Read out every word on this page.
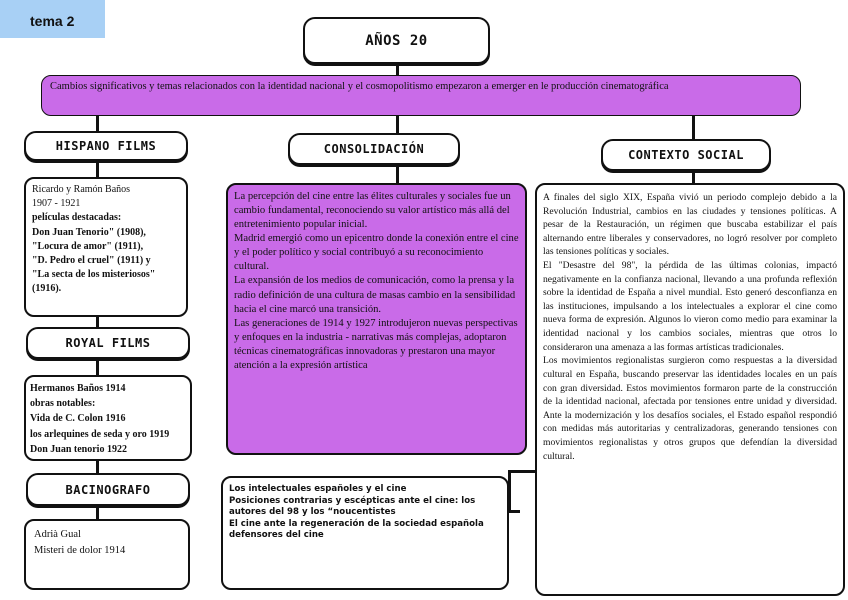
tema 2
AÑOS 20
Cambios significativos y temas relacionados con la identidad nacional y el cosmopolitismo empezaron a emerger en le producción cinematográfica
HISPANO FILMS
Ricardo y Ramón Baños
1907 - 1921
películas destacadas:
Don Juan Tenorio" (1908),
"Locura de amor" (1911),
"D. Pedro el cruel" (1911) y
"La secta de los misteriosos"
(1916).
ROYAL FILMS
Hermanos Baños 1914
obras notables:
Vida de C. Colon 1916
los arlequines de seda y oro 1919
Don Juan tenorio 1922
BACINOGRAFO
Adrià Gual
Misteri de dolor 1914
CONSOLIDACIÓN
La percepción del cine entre las élites culturales y sociales fue un cambio fundamental, reconociendo su valor artístico más allá del entretenimiento popular inicial.
Madrid emergió como un epicentro donde la conexión entre el cine y el poder político y social contribuyó a su reconocimiento cultural.
La expansión de los medios de comunicación, como la prensa y la radio definición de una cultura de masas cambio en la sensibilidad hacia el cine marcó una transición.
Las generaciones de 1914 y 1927 introdujeron nuevas perspectivas y enfoques en la industria - narrativas más complejas, adoptaron técnicas cinematográficas innovadoras y prestaron una mayor atención a la expresión artística
Los intelectuales españoles y el cine
Posiciones contrarias y escépticas ante el cine: los autores del 98 y los “noucentistes
El cine ante la regeneración de la sociedad española
defensores del cine
CONTEXTO SOCIAL
A finales del siglo XIX, España vivió un periodo complejo debido a la Revolución Industrial, cambios en las ciudades y tensiones políticas. A pesar de la Restauración, un régimen que buscaba estabilizar el país alternando entre liberales y conservadores, no logró resolver por completo las tensiones políticas y sociales.
El "Desastre del 98", la pérdida de las últimas colonias, impactó negativamente en la confianza nacional, llevando a una profunda reflexión sobre la identidad de España a nivel mundial. Esto generó desconfianza en las instituciones, impulsando a los intelectuales a explorar el cine como nueva forma de expresión. Algunos lo vieron como medio para examinar la identidad nacional y los cambios sociales, mientras que otros lo consideraron una amenaza a las formas artísticas tradicionales.
Los movimientos regionalistas surgieron como respuestas a la diversidad cultural en España, buscando preservar las identidades locales en un país con gran diversidad. Estos movimientos formaron parte de la construcción de la identidad nacional, afectada por tensiones entre unidad y diversidad. Ante la modernización y los desafíos sociales, el Estado español respondió con medidas más autoritarias y centralizadoras, generando tensiones con movimientos regionalistas y otros grupos que defendían la diversidad cultural.
